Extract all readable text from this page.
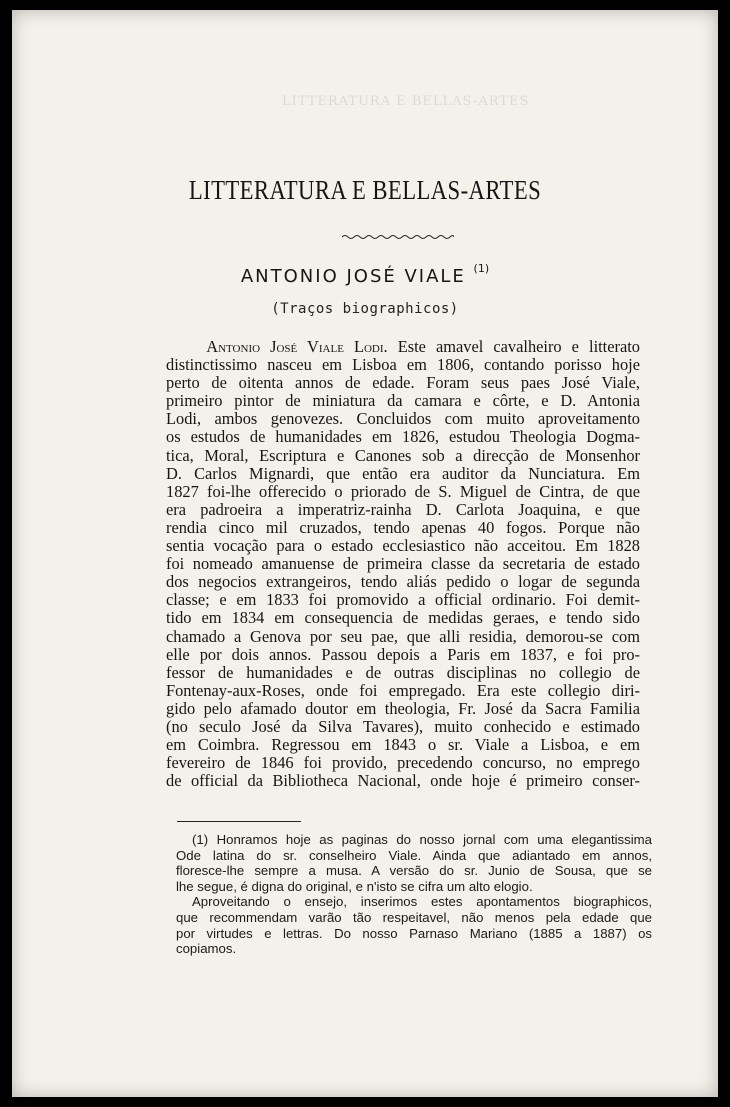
LITTERATURA E BELLAS-ARTES
LITTERATURA E BELLAS-ARTES
ANTONIO JOSÉ VIALE $^{(1)}$
(Traços biographicos)
Antonio José Viale Lodi. Este amavel cavalheiro e litterato
distinctissimo nasceu em Lisboa em 1806, contando porisso hoje
perto de oitenta annos de edade. Foram seus paes José Viale,
primeiro pintor de miniatura da camara e côrte, e D. Antonia
Lodi, ambos genovezes. Concluidos com muito aproveitamento
os estudos de humanidades em 1826, estudou Theologia Dogma-
tica, Moral, Escriptura e Canones sob a direcção de Monsenhor
D. Carlos Mignardi, que então era auditor da Nunciatura. Em
1827 foi-lhe offerecido o priorado de S. Miguel de Cintra, de que
era padroeira a imperatriz-rainha D. Carlota Joaquina, e que
rendia cinco mil cruzados, tendo apenas 40 fogos. Porque não
sentia vocação para o estado ecclesiastico não acceitou. Em 1828
foi nomeado amanuense de primeira classe da secretaria de estado
dos negocios extrangeiros, tendo aliás pedido o logar de segunda
classe; e em 1833 foi promovido a official ordinario. Foi demit-
tido em 1834 em consequencia de medidas geraes, e tendo sido
chamado a Genova por seu pae, que alli residia, demorou-se com
elle por dois annos. Passou depois a Paris em 1837, e foi pro-
fessor de humanidades e de outras disciplinas no collegio de
Fontenay-aux-Roses, onde foi empregado. Era este collegio diri-
gido pelo afamado doutor em theologia, Fr. José da Sacra Familia
(no seculo José da Silva Tavares), muito conhecido e estimado
em Coimbra. Regressou em 1843 o sr. Viale a Lisboa, e em
fevereiro de 1846 foi provido, precedendo concurso, no emprego
de official da Bibliotheca Nacional, onde hoje é primeiro conser-
(1) Honramos hoje as paginas do nosso jornal com uma elegantissima
Ode latina do sr. conselheiro Viale. Ainda que adiantado em annos,
floresce-lhe sempre a musa. A versão do sr. Junio de Sousa, que se
lhe segue, é digna do original, e n'isto se cifra um alto elogio.
Aproveitando o ensejo, inserimos estes apontamentos biographicos,
que recommendam varão tão respeitavel, não menos pela edade que
por virtudes e lettras. Do nosso Parnaso Mariano (1885 a 1887) os
copiamos.
